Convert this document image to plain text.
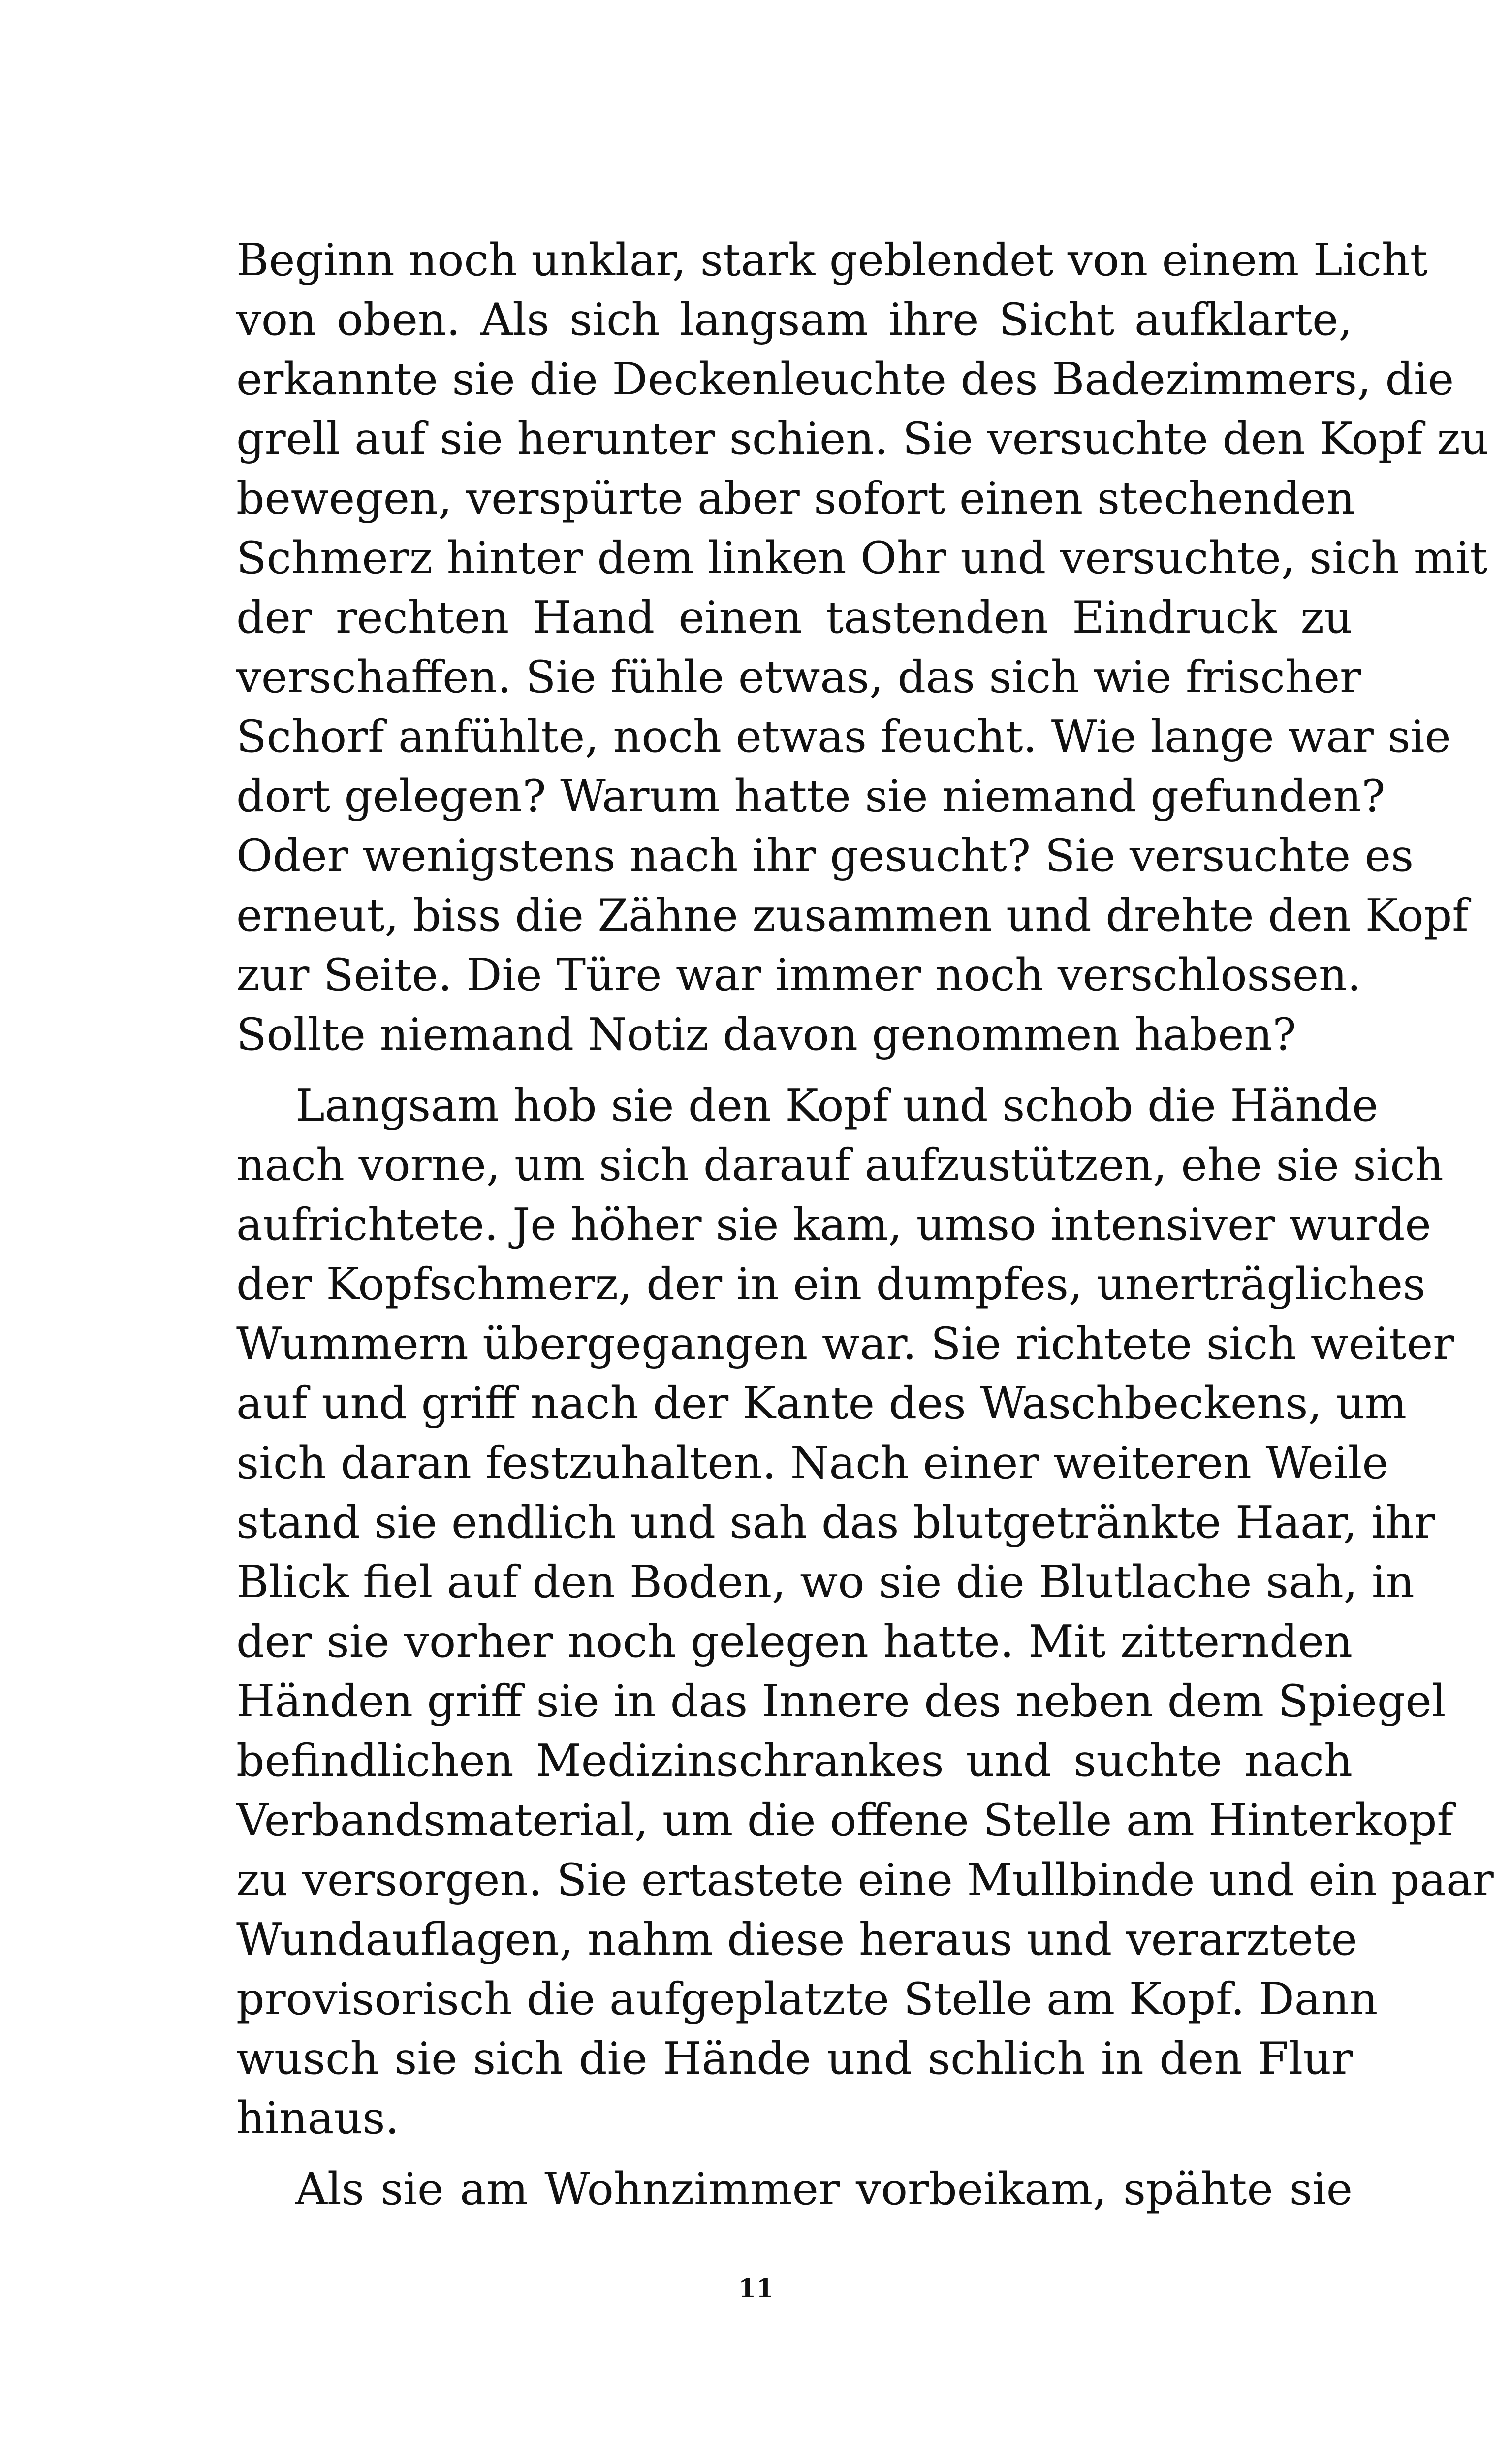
Beginn noch unklar, stark geblendet von einem Licht
von oben. Als sich langsam ihre Sicht aufklarte,
erkannte sie die Deckenleuchte des Badezimmers, die
grell auf sie herunter schien. Sie versuchte den Kopf zu
bewegen, verspürte aber sofort einen stechenden
Schmerz hinter dem linken Ohr und versuchte, sich mit
der rechten Hand einen tastenden Eindruck zu
verschaffen. Sie fühle etwas, das sich wie frischer
Schorf anfühlte, noch etwas feucht. Wie lange war sie
dort gelegen? Warum hatte sie niemand gefunden?
Oder wenigstens nach ihr gesucht? Sie versuchte es
erneut, biss die Zähne zusammen und drehte den Kopf
zur Seite. Die Türe war immer noch verschlossen.
Sollte niemand Notiz davon genommen haben?
Langsam hob sie den Kopf und schob die Hände
nach vorne, um sich darauf aufzustützen, ehe sie sich
aufrichtete. Je höher sie kam, umso intensiver wurde
der Kopfschmerz, der in ein dumpfes, unerträgliches
Wummern übergegangen war. Sie richtete sich weiter
auf und griff nach der Kante des Waschbeckens, um
sich daran festzuhalten. Nach einer weiteren Weile
stand sie endlich und sah das blutgetränkte Haar, ihr
Blick fiel auf den Boden, wo sie die Blutlache sah, in
der sie vorher noch gelegen hatte. Mit zitternden
Händen griff sie in das Innere des neben dem Spiegel
befindlichen Medizinschrankes und suchte nach
Verbandsmaterial, um die offene Stelle am Hinterkopf
zu versorgen. Sie ertastete eine Mullbinde und ein paar
Wundauflagen, nahm diese heraus und verarztete
provisorisch die aufgeplatzte Stelle am Kopf. Dann
wusch sie sich die Hände und schlich in den Flur
hinaus.
Als sie am Wohnzimmer vorbeikam, spähte sie
11
